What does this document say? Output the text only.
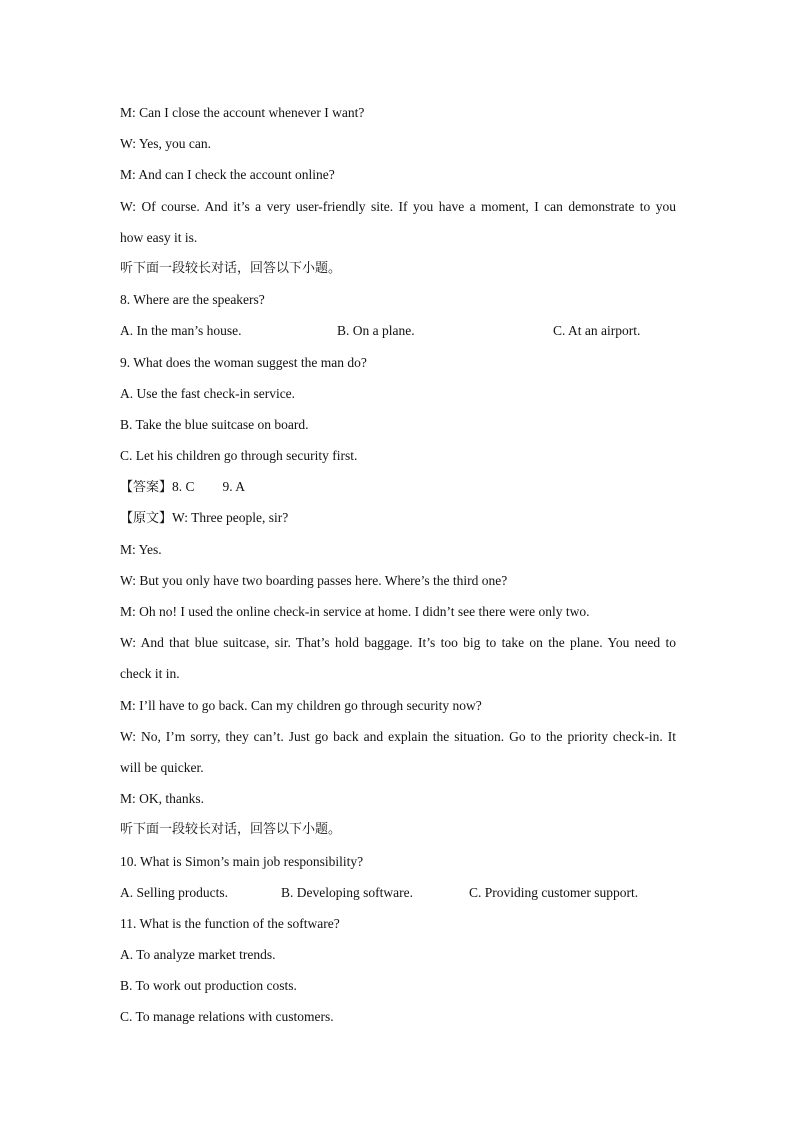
M: Can I close the account whenever I want?
W: Yes, you can.
M: And can I check the account online?
W: Of course. And it’s a very user-friendly site. If you have a moment, I can demonstrate to you
how easy it is.
听下面一段较长对话，回答以下小题。
8. Where are the speakers?
A. In the man’s house.	B. On a plane.	C. At an airport.
9. What does the woman suggest the man do?
A. Use the fast check-in service.
B. Take the blue suitcase on board.
C. Let his children go through security first.
【答案】8. C 9. A
【原文】W: Three people, sir?
M: Yes.
W: But you only have two boarding passes here. Where’s the third one?
M: Oh no! I used the online check-in service at home. I didn’t see there were only two.
W: And that blue suitcase, sir. That’s hold baggage. It’s too big to take on the plane. You need to
check it in.
M: I’ll have to go back. Can my children go through security now?
W: No, I’m sorry, they can’t. Just go back and explain the situation. Go to the priority check-in. It
will be quicker.
M: OK, thanks.
听下面一段较长对话，回答以下小题。
10. What is Simon’s main job responsibility?
A. Selling products.	B. Developing software.	C. Providing customer support.
11. What is the function of the software?
A. To analyze market trends.
B. To work out production costs.
C. To manage relations with customers.
